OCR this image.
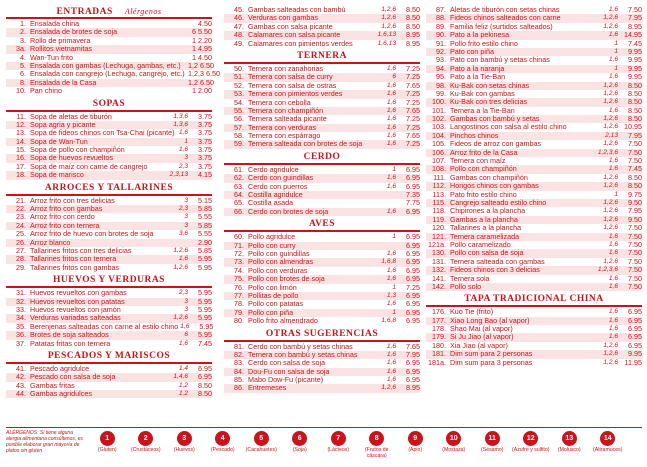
ENTRADAS Alérgenos
1. Ensalada china	4.50
2. Ensalada de brotes de soja	6 5.50
3. Rollo de primavera	1 2.20
3a. Rollitos vietnamitas	1 4.95
4. Wan-Tun frito	1 4.50
5. Ensalada con gambas (Lechuga, gambas, etc.)	1,2 6.50
6. Ensalada con cangrejo (Lechuga, cangrejo, etc.) 1,2,3 6.50
8. Ensalada de la Casa	1,2 6.50
10. Pan chino	1 2.00
SOPAS
11. Sopa de aletas de tiburón	1,3,6	3.75
12. Sopa agria y picante	1,3,6	3.75
13. Sopa de fideos chinos con Tsa-Chai (picante) 1,6	3.75
14. Sopa de Wan-Tun	1	3.75
15. Sopa de pollo con champiñón	1,6	3.75
16. Sopa de huevos revueltos	3	3.75
17. Sopa de maíz con carne de cangrejo	2,3	3.75
18. Sopa de marisco	2,3,13	4.15
ARROCES Y TALLARINES
21. Arroz frito con tres delicias	3	5.15
22. Arroz frito con gambas	2,3	5.85
23. Arroz frito con cerdo	3	5.55
24. Arroz frito con ternera	3	5.85
25. Arroz frito de huevo con brotes de soja	3,6	5.55
26. Arroz blanco	2.90
27. Tallarines fritos con tres delicias	1,2,6	5.85
28. Tallarines fritos con ternera	1,6	5.95
29. Tallarines fritos con gambas	1,2,6	5.95
HUEVOS Y VERDURAS
31. Huevos revueltos con gambas	2,3	5.95
32. Huevos revueltos con patatas	3	5.95
33. Huevos revueltos con jamón	3	5.95
34. Verduras variadas salteadas	1,2,6	5.95
35. Berenjenas salteadas con carne al estilo chino 1,6	5.95
36. Brotes de soja salteados	6	5.95
37. Patatas fritas con ternera	1,6	7.45
PESCADOS Y MARISCOS
41. Pescado agridulce	1,4	6.95
42. Pescado con salsa de soja	1,4,6	6.95
43. Gambas fritas	1,2	8.50
44. Gambas agridulces	1,2	8.50
45. Gambas salteadas con bambú	1,2,6	8.50
46. Verduras con gambas	1,2,6	8.50
47. Gambas con salsa picante	1,2,6	8.50
48. Calamares con salsa picante	1,6,13	8.95
49. Calamares con pimientos verdes	1,6,13	8.95
TERNERA
50. Ternera con zanahorias	1,6	7.25
51. Ternera con salsa de curry	6	7.25
52. Ternera con salsa de ostras	1,6	7.65
53. Ternera con pimientos verdes	1,6	7.25
54. Ternera con cebolla	1,6	7.25
55. Ternera con champiñón	1,6	7.65
56. Ternera salteada picante	1,6	7.25
57. Ternera con verduras	1,6	7.25
58. Ternera con espárrago	1,6	7.65
59. Ternera salteada con brotes de soja	1,6	7.25
CERDO
61. Cerdo agridulce	1	6.95
62. Cerdo con guindillas	1,6	6.95
63. Cerdo con puerros	1,6	6.95
64. Costilla agridulce	7.35
65. Costilla asada	7.75
66. Cerdo con brotes de soja	1,6	6.95
AVES
60. Pollo agridulce	1	6.95
71. Pollo con curry	6.95
72. Pollo con guindillas	1,6	6.95
73. Pollo con almendras	1,6,8	6.95
74. Pollo con verduras	1,6	6.95
75. Pollo con brotes de soja	1,6	6.95
76. Pollo con limón	1	7.25
77. Pollitas de pollo	1,3	6.95
78. Pollo con patatas	1,6	6.95
79. Pollo con piña	1	6.95
80. Pollo frito almendrado	1,6,8	6.95
OTRAS SUGERENCIAS
81. Cerdo con bambú y setas chinas	1,6	7.65
82. Ternera con bambú y setas chinas	1,6	7.95
83. Cerdo con salsa de soja	1,6	6.95
84. Dou-Fu con salsa de soja	1,6	6.95
85. Mabo Dow-Fu (picante)	1,6	6.95
86. Entremeses	1,2,6	8.95
87. Aletas de tiburón con setas chinas	1,6	7.50
88. Fideos chinos salteados con carne	1,2,6	7.95
89. Familia feliz (surtidos salteados)	1,2,6	8.95
90. Pato a la pekinesa	1,6 14.95
91. Pollo frito estilo chino	1	7.45
92. Pato con piña	1	9.95
93. Pato con bambú y setas chinas	1,6	9.95
94. Pato a la naranja	1	9.95
95. Pato a la Tie-Ban	1,6	9.95
98. Ku-Bak con setas chinas	1,2,6	8.50
99. Ku-Bak con gambas	1,2,6	8.50
100. Ku-Bak con tres delicias	1,2,6	8.50
101. Ternera a la Tie-Ban	1,6	8.50
102. Gambas con bambú y setas	1,2,6	8.50
103. Langostinos con salsa al estilo chino	1,2,6 10.95
104. Pinchos chinos	2,13	7.95
105. Fideos de arroz con gambas	1,2,6	7.50
106. Arroz frito de la Casa	1,2,3,6	7.50
107. Ternera con maíz	1,6	7.50
108. Pollo con champiñón	1,6	7.45
111. Gambas con champiñón	1,2,6	8.50
112. Hongos chinos con gambas	1,2,6	8.50
113. Pato frito estilo chino	1	9.75
115. Cangrejo salteado estilo chino	1,2,6	9.50
118. Chipirones a la plancha	1,2,6	7.95
119. Gambas a la plancha	1,2,6	9.50
120. Tallarines a la plancha	1,2,6	7.50
121. Ternera caramelizada	1,6	7.50
121a. Pollo caramelizado	1,6	7.50
130. Pollo con salsa de soja	1,6	7.50
131. Ternera salteada con gambas	1,2,6	7.50
132. Fideos chinos con 3 delicias	1,2,3,6	7.50
141. Ternera sola	1,6	7.50
142. Pollo solo	1,6	7.50
TAPA TRADICIONAL CHINA
176. Kuo Tie (frito)	1,6	6.95
177. Xiao Long Bao (al vapor)	1,6	6.95
178. Shao Mai (al vapor)	1,6	6.95
179. Si Ju Jiao (al vapor)	1,6	6.95
180. Xia Jiao (al vapor)	1,2,6	6.95
181. Dim sum para 2 personas	1,2,6	9.95
181a. Dim sum para 3 personas	1,2,6 11.95
ALÉRGENOS: Si tiene alguna alergia alimentaria consúltenos, es posible elaborar gran mayoría de platos sin gluten
1
(Gluten)
2
(Crustáceos)
3
(Huevos)
4
(Pescado)
5
(Cacahuetes)
6
(Soja)
7
(Lácteos)
8
(Frutos de cáscara)
9
(Apio)
10
(Mostaza)
11
(Sésamo)
12
(Azufre y sulfito)
13
(Molusco)
14
(Altramuces)
